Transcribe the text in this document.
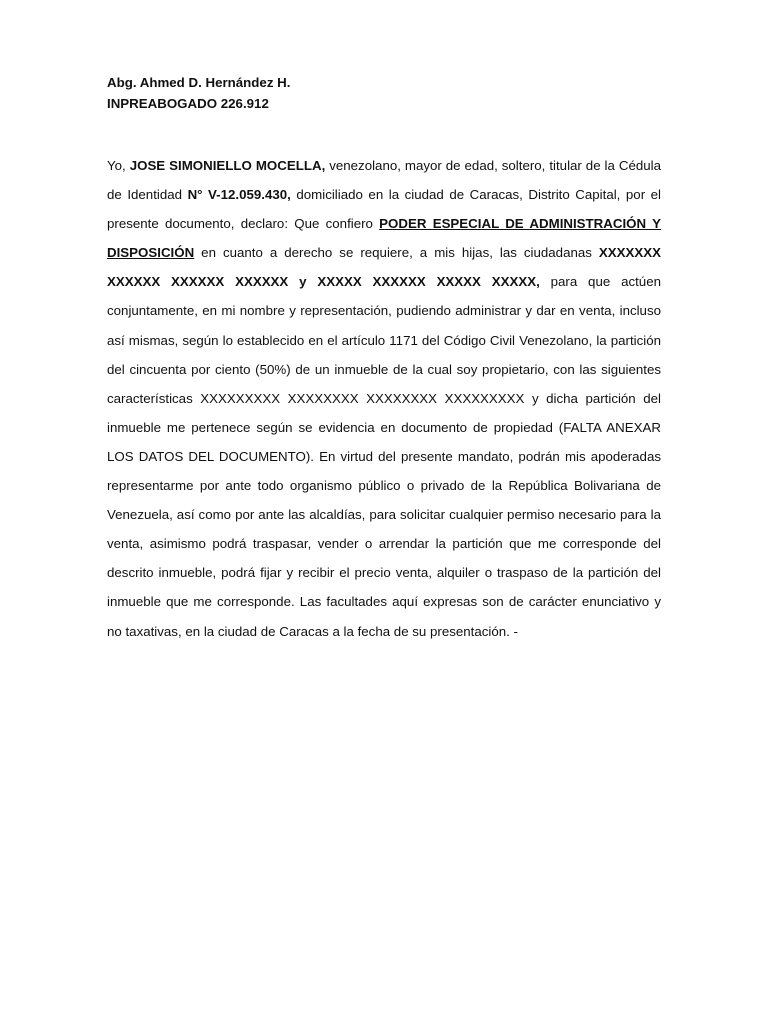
Abg. Ahmed D. Hernández H.
INPREABOGADO 226.912

Yo, JOSE SIMONIELLO MOCELLA, venezolano, mayor de edad, soltero, titular de la Cédula de Identidad N° V-12.059.430, domiciliado en la ciudad de Caracas, Distrito Capital, por el presente documento, declaro: Que confiero PODER ESPECIAL DE ADMINISTRACIÓN Y DISPOSICIÓN en cuanto a derecho se requiere, a mis hijas, las ciudadanas XXXXXXX XXXXXX XXXXXX XXXXXX y XXXXX XXXXXX XXXXX XXXXX, para que actúen conjuntamente, en mi nombre y representación, pudiendo administrar y dar en venta, incluso así mismas, según lo establecido en el artículo 1171 del Código Civil Venezolano, la partición del cincuenta por ciento (50%) de un inmueble de la cual soy propietario, con las siguientes características XXXXXXXXX XXXXXXXX XXXXXXXX XXXXXXXXX y dicha partición del inmueble me pertenece según se evidencia en documento de propiedad (FALTA ANEXAR LOS DATOS DEL DOCUMENTO). En virtud del presente mandato, podrán mis apoderadas representarme por ante todo organismo público o privado de la República Bolivariana de Venezuela, así como por ante las alcaldías, para solicitar cualquier permiso necesario para la venta, asimismo podrá traspasar, vender o arrendar la partición que me corresponde del descrito inmueble, podrá fijar y recibir el precio venta, alquiler o traspaso de la partición del inmueble que me corresponde. Las facultades aquí expresas son de carácter enunciativo y no taxativas, en la ciudad de Caracas a la fecha de su presentación. -
